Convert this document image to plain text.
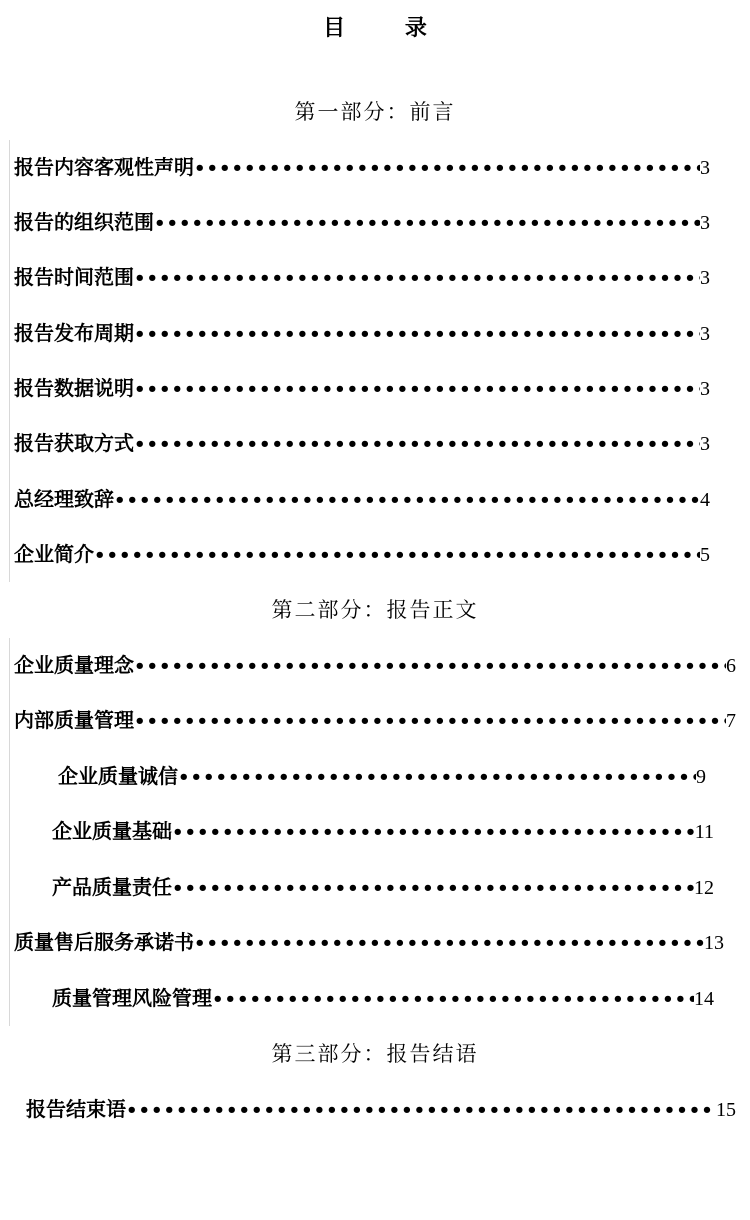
目 录
第一部分：前言
报告内容客观性声明 •••••	3
报告的组织范围 •••••	3
报告时间范围 •••••	3
报告发布周期 •••••	3
报告数据说明 •••••	3
报告获取方式 •••••	3
总经理致辞 •••••	4
企业简介 •••••	5
第二部分：报告正文
企业质量理念 •••••	6
内部质量管理 •••••	7
企业质量诚信 •••••	9
企业质量基础 •••••	11
产品质量责任 •••••	12
质量售后服务承诺书 •••••	13
质量管理风险管理 •••••	14
第三部分：报告结语
报告结束语 •••••	15
